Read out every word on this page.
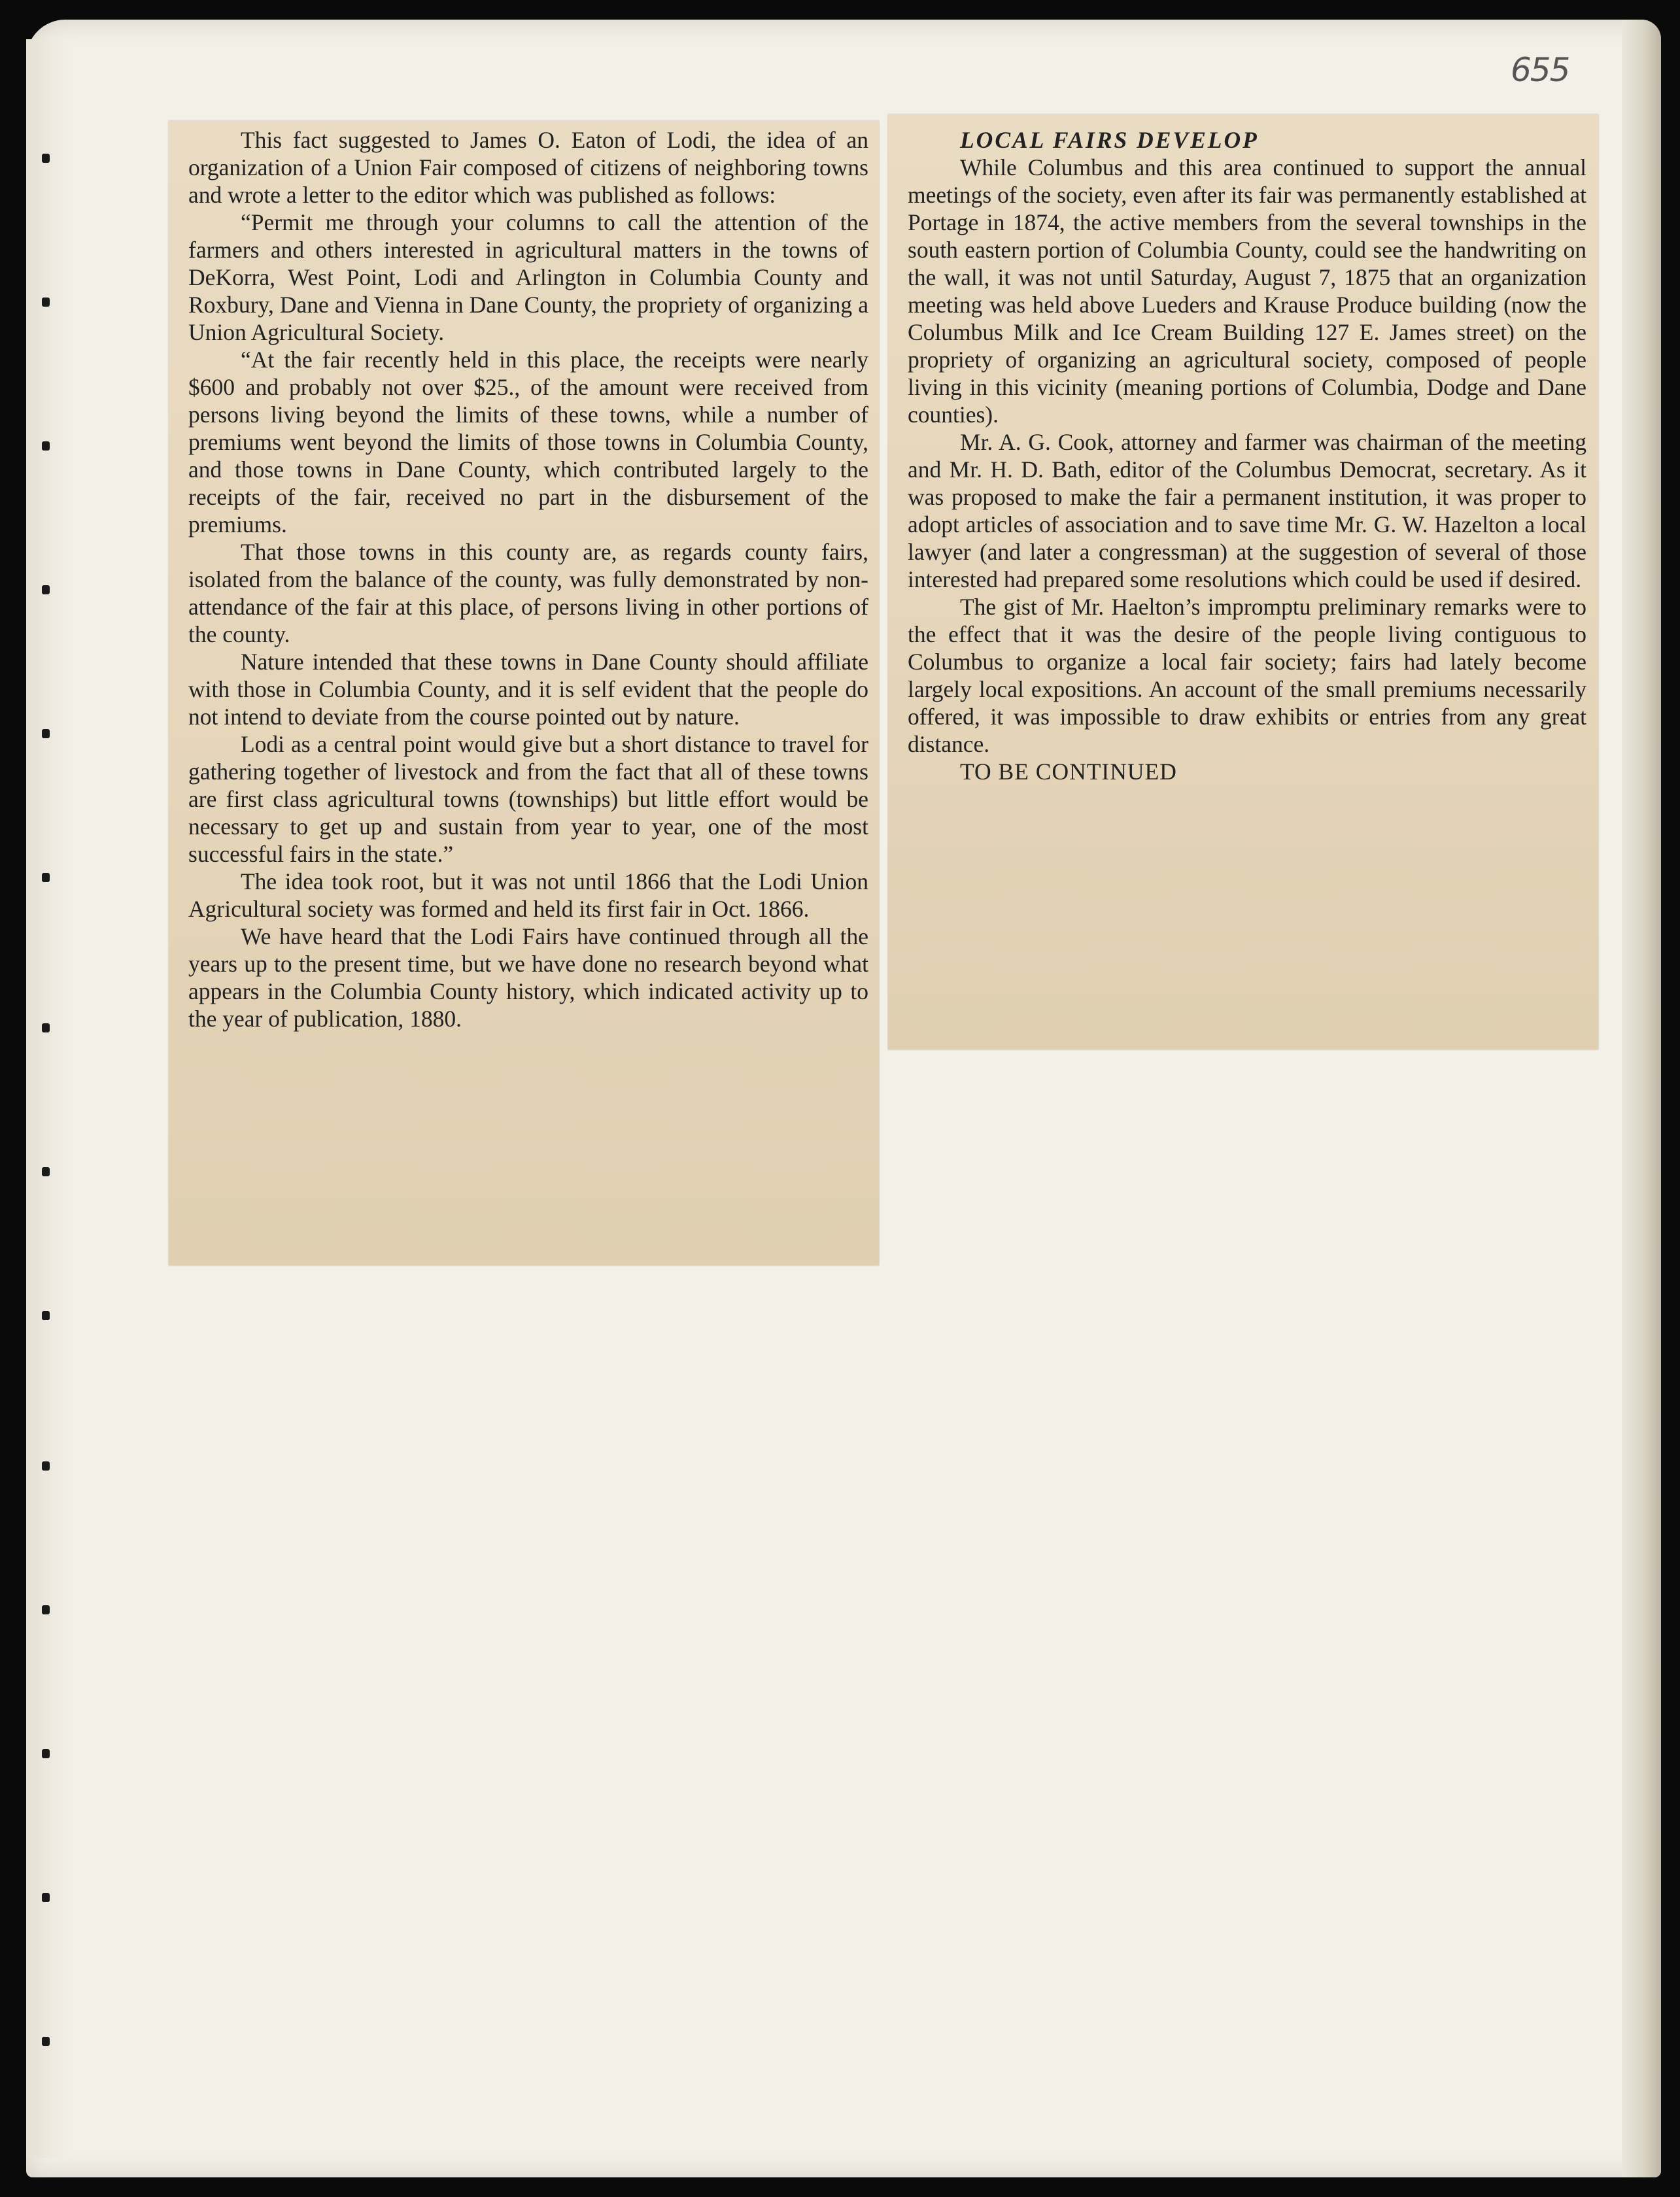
655

This fact suggested to James O. Eaton of Lodi, the idea of an organization of a Union Fair composed of citizens of neighboring towns and wrote a letter to the editor which was published as follows:

“Permit me through your columns to call the attention of the farmers and others interested in agricultural matters in the towns of DeKorra, West Point, Lodi and Arlington in Columbia County and Roxbury, Dane and Vienna in Dane County, the propriety of organizing a Union Agricultural Society.

“At the fair recently held in this place, the receipts were nearly $600 and probably not over $25., of the amount were received from persons living beyond the limits of these towns, while a number of premiums went beyond the limits of those towns in Columbia County, and those towns in Dane County, which contributed largely to the receipts of the fair, received no part in the disbursement of the premiums.

That those towns in this county are, as regards county fairs, isolated from the balance of the county, was fully demonstrated by non-attendance of the fair at this place, of persons living in other portions of the county.

Nature intended that these towns in Dane County should affiliate with those in Columbia County, and it is self evident that the people do not intend to deviate from the course pointed out by nature.

Lodi as a central point would give but a short distance to travel for gathering together of livestock and from the fact that all of these towns are first class agricultural towns (townships) but little effort would be necessary to get up and sustain from year to year, one of the most successful fairs in the state.”

The idea took root, but it was not until 1866 that the Lodi Union Agricultural society was formed and held its first fair in Oct. 1866.

We have heard that the Lodi Fairs have continued through all the years up to the present time, but we have done no research beyond what appears in the Columbia County history, which indicated activity up to the year of publication, 1880.

LOCAL FAIRS DEVELOP

While Columbus and this area continued to support the annual meetings of the society, even after its fair was permanently established at Portage in 1874, the active members from the several townships in the south eastern portion of Columbia County, could see the handwriting on the wall, it was not until Saturday, August 7, 1875 that an organization meeting was held above Lueders and Krause Produce building (now the Columbus Milk and Ice Cream Building 127 E. James street) on the propriety of organizing an agricultural society, composed of people living in this vicinity (meaning portions of Columbia, Dodge and Dane counties).

Mr. A. G. Cook, attorney and farmer was chairman of the meeting and Mr. H. D. Bath, editor of the Columbus Democrat, secretary. As it was proposed to make the fair a permanent institution, it was proper to adopt articles of association and to save time Mr. G. W. Hazelton a local lawyer (and later a congressman) at the suggestion of several of those interested had prepared some resolutions which could be used if desired.

The gist of Mr. Haelton’s impromptu preliminary remarks were to the effect that it was the desire of the people living contiguous to Columbus to organize a local fair society; fairs had lately become largely local expositions. An account of the small premiums necessarily offered, it was impossible to draw exhibits or entries from any great distance.

TO BE CONTINUED
